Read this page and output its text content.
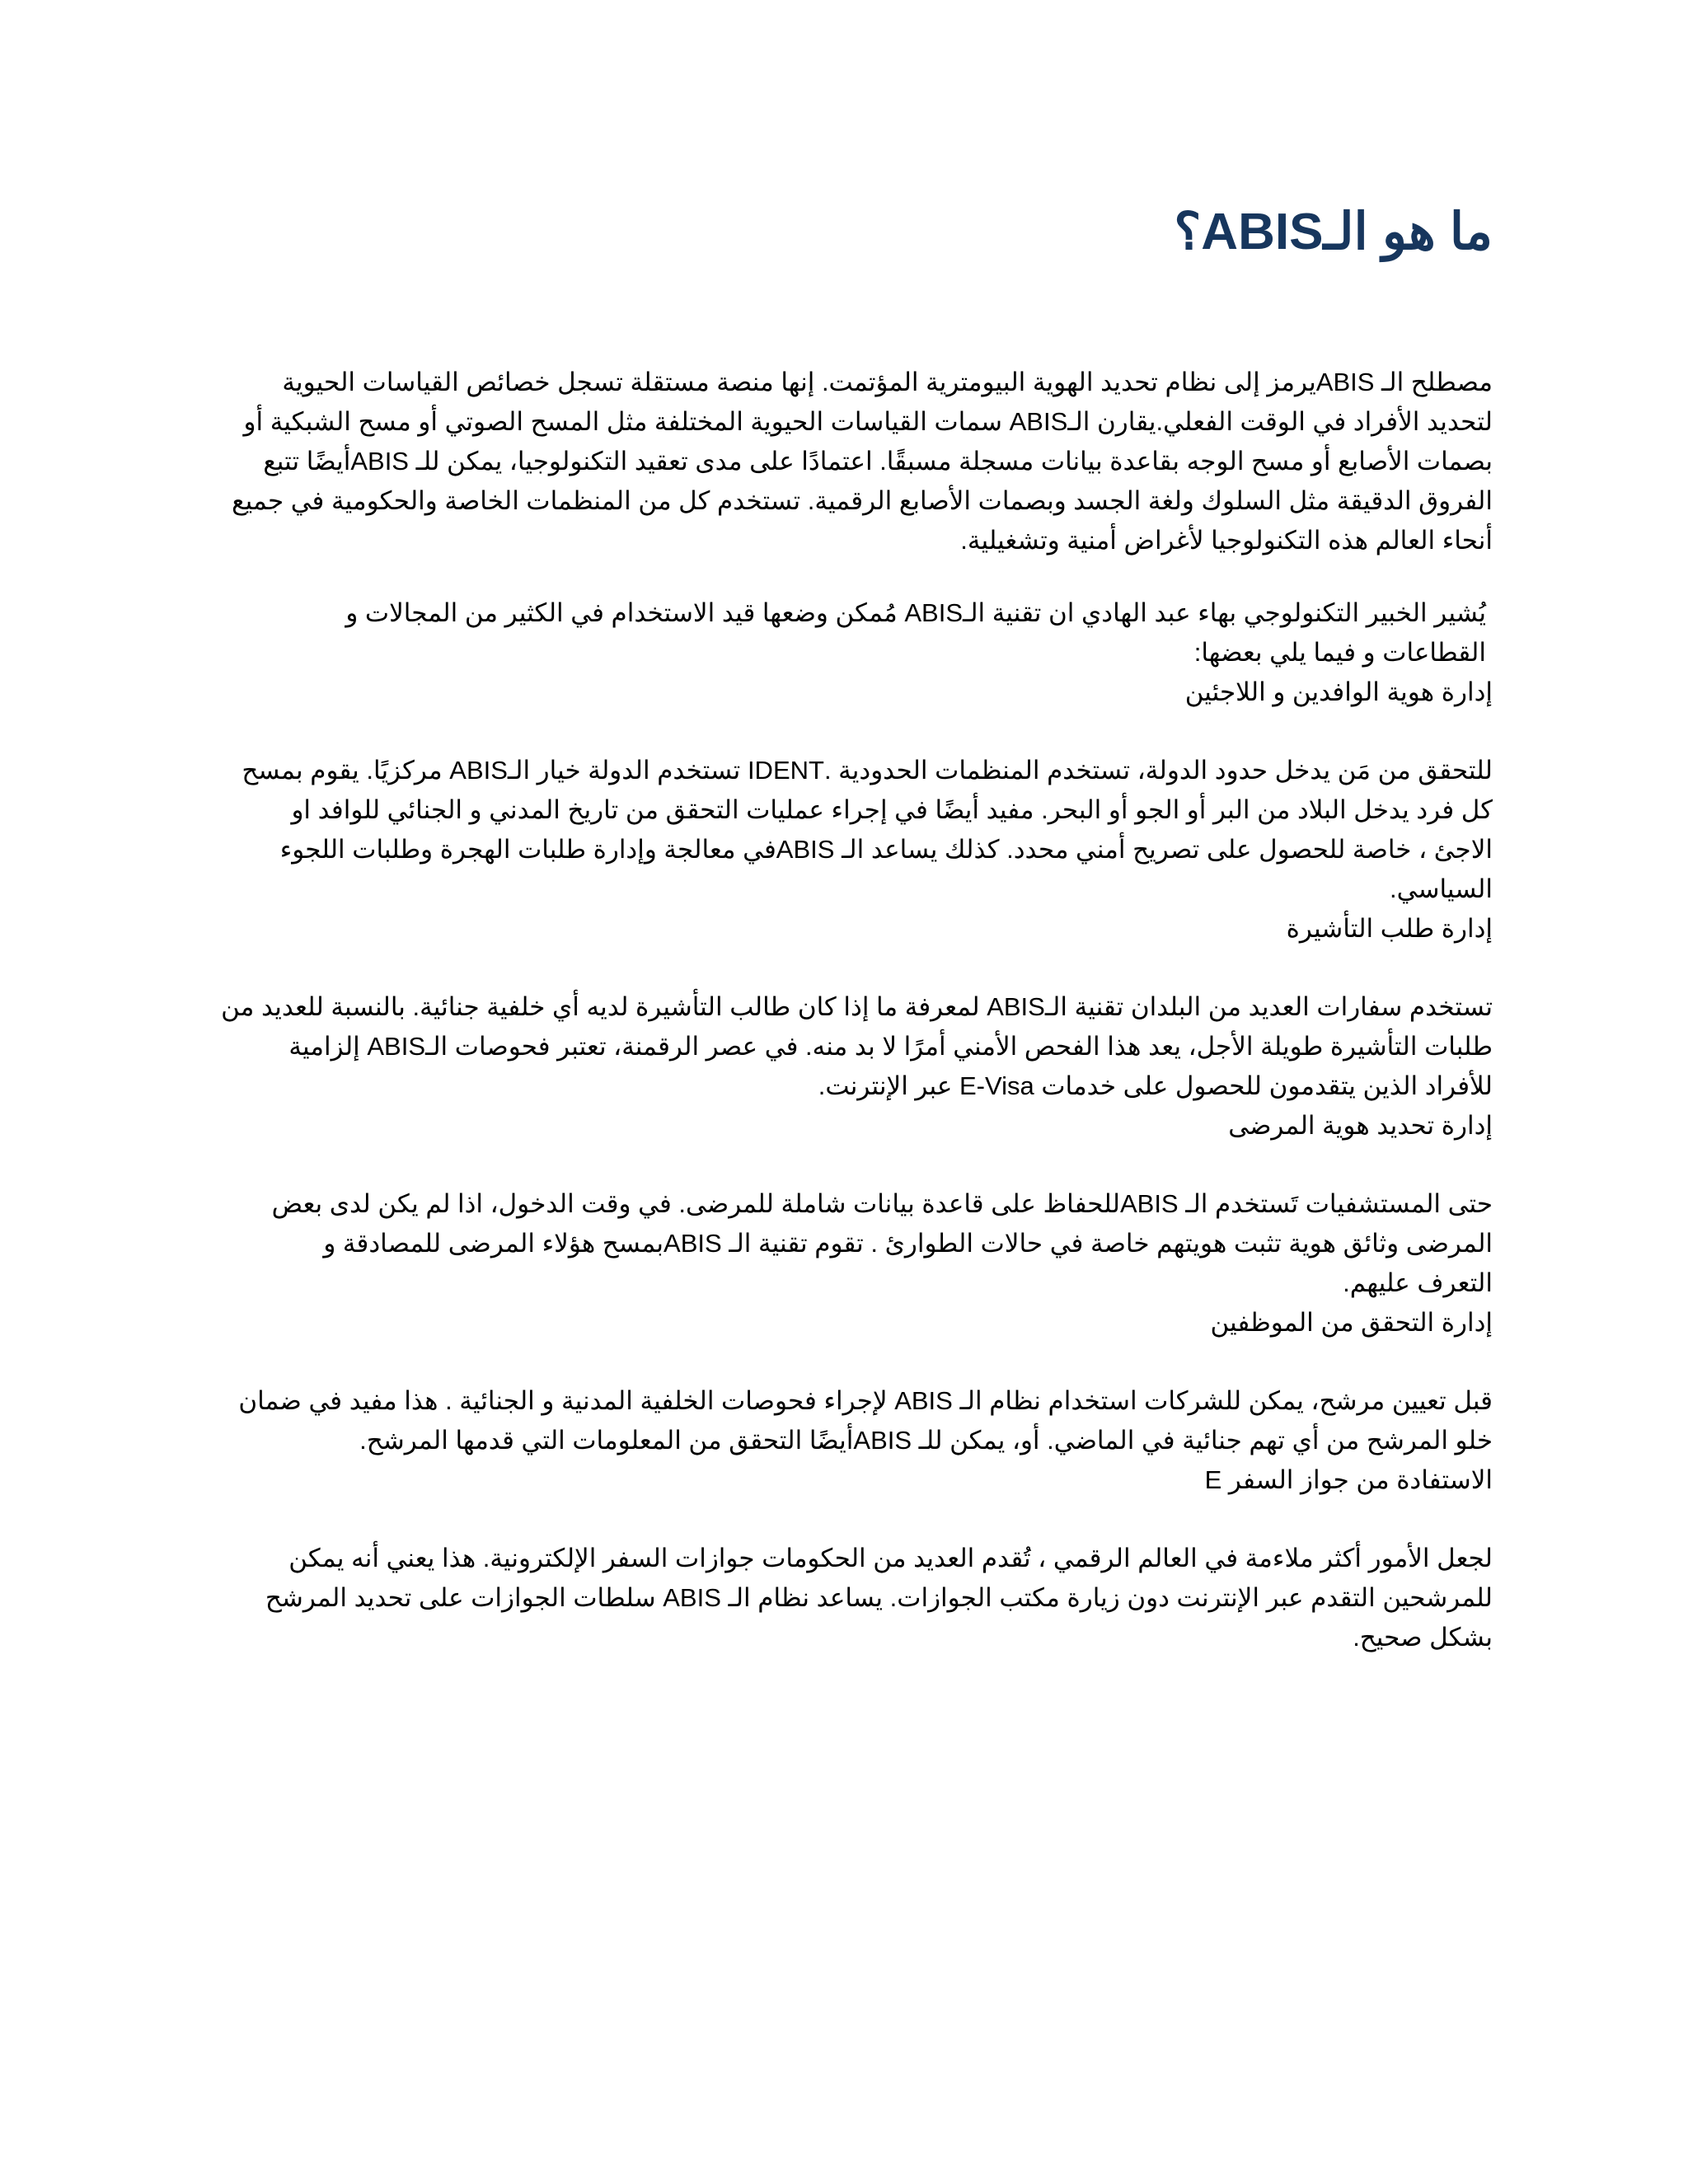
ما هو الـABIS؟

مصطلح الـ ABISيرمز إلى نظام تحديد الهوية البيومترية المؤتمت. إنها منصة مستقلة تسجل خصائص القياسات الحيوية
لتحديد الأفراد في الوقت الفعلي.يقارن الـABIS سمات القياسات الحيوية المختلفة مثل المسح الصوتي أو مسح الشبكية أو
بصمات الأصابع أو مسح الوجه بقاعدة بيانات مسجلة مسبقًا. اعتمادًا على مدى تعقيد التكنولوجيا، يمكن للـ ABISأيضًا تتبع
الفروق الدقيقة مثل السلوك ولغة الجسد وبصمات الأصابع الرقمية. تستخدم كل من المنظمات الخاصة والحكومية في جميع
أنحاء العالم هذه التكنولوجيا لأغراض أمنية وتشغيلية.

يُشير الخبير التكنولوجي بهاء عبد الهادي ان تقنية الـABIS مُمكن وضعها قيد الاستخدام في الكثير من المجالات و
القطاعات و فيما يلي بعضها:

إدارة هوية الوافدين و اللاجئين

للتحقق من مَن يدخل حدود الدولة، تستخدم المنظمات الحدودية .IDENT تستخدم الدولة خيار الـABIS مركزيًا. يقوم بمسح
كل فرد يدخل البلاد من البر أو الجو أو البحر. مفيد أيضًا في إجراء عمليات التحقق من تاريخ المدني و الجنائي للوافد او
الاجئ ، خاصة للحصول على تصريح أمني محدد. كذلك يساعد الـ ABISفي معالجة وإدارة طلبات الهجرة وطلبات اللجوء
السياسي.

إدارة طلب التأشيرة

تستخدم سفارات العديد من البلدان تقنية الـABIS لمعرفة ما إذا كان طالب التأشيرة لديه أي خلفية جنائية. بالنسبة للعديد من
طلبات التأشيرة طويلة الأجل، يعد هذا الفحص الأمني أمرًا لا بد منه. في عصر الرقمنة، تعتبر فحوصات الـABIS إلزامية
للأفراد الذين يتقدمون للحصول على خدمات E-Visa عبر الإنترنت.

إدارة تحديد هوية المرضى

حتى المستشفيات تَستخدم الـ ABISللحفاظ على قاعدة بيانات شاملة للمرضى. في وقت الدخول، اذا لم يكن لدى بعض
المرضى وثائق هوية تثبت هويتهم خاصة في حالات الطوارئ . تقوم تقنية الـ ABISبمسح هؤلاء المرضى للمصادقة و
التعرف عليهم.

إدارة التحقق من الموظفين

قبل تعيين مرشح، يمكن للشركات استخدام نظام الـ ABIS لإجراء فحوصات الخلفية المدنية و الجنائية . هذا مفيد في ضمان
خلو المرشح من أي تهم جنائية في الماضي. أو، يمكن للـ ABISأيضًا التحقق من المعلومات التي قدمها المرشح.

الاستفادة من جواز السفر E

لجعل الأمور أكثر ملاءمة في العالم الرقمي ، تُقدم العديد من الحكومات جوازات السفر الإلكترونية. هذا يعني أنه يمكن
للمرشحين التقدم عبر الإنترنت دون زيارة مكتب الجوازات. يساعد نظام الـ ABIS سلطات الجوازات على تحديد المرشح
بشكل صحيح.
